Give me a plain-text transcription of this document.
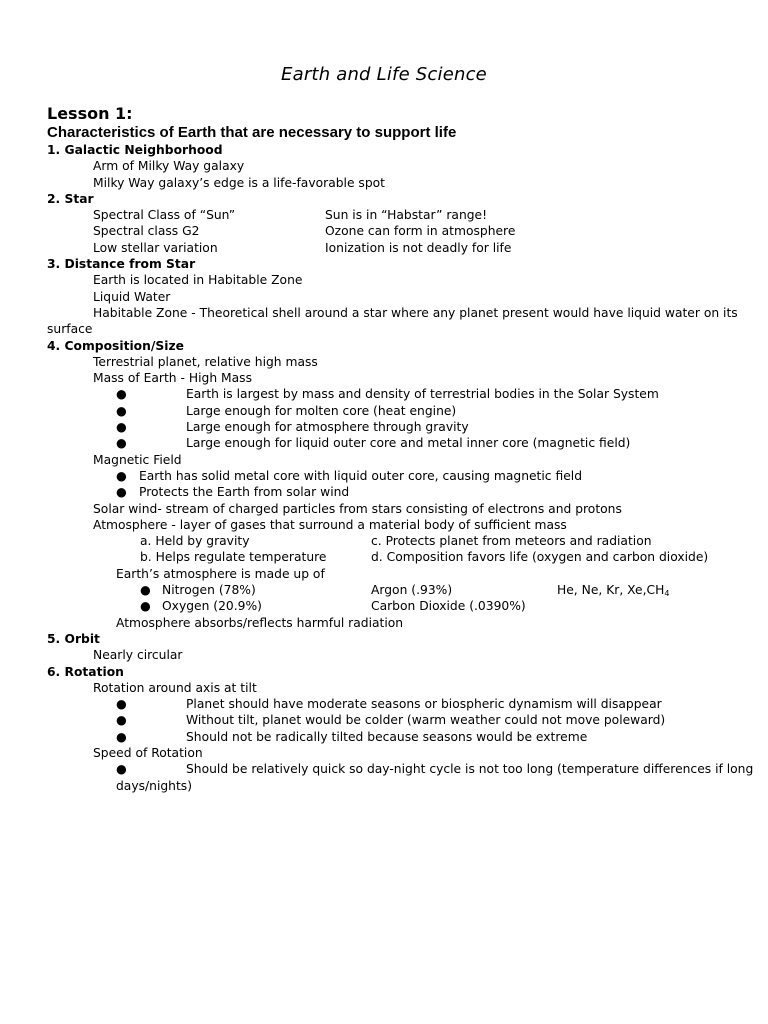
Earth and Life Science
Lesson 1:
Characteristics of Earth that are necessary to support life
1. Galactic Neighborhood
Arm of Milky Way galaxy
Milky Way galaxy’s edge is a life-favorable spot
2. Star
Spectral Class of “Sun”	Sun is in “Habstar” range!
Spectral class G2	Ozone can form in atmosphere
Low stellar variation	Ionization is not deadly for life
3. Distance from Star
Earth is located in Habitable Zone
Liquid Water
Habitable Zone - Theoretical shell around a star where any planet present would have liquid water on its
surface
4. Composition/Size
Terrestrial planet, relative high mass
Mass of Earth - High Mass
●	Earth is largest by mass and density of terrestrial bodies in the Solar System
●	Large enough for molten core (heat engine)
●	Large enough for atmosphere through gravity
●	Large enough for liquid outer core and metal inner core (magnetic field)
Magnetic Field
● Earth has solid metal core with liquid outer core, causing magnetic field
● Protects the Earth from solar wind
Solar wind- stream of charged particles from stars consisting of electrons and protons
Atmosphere - layer of gases that surround a material body of sufficient mass
a. Held by gravity	c. Protects planet from meteors and radiation
b. Helps regulate temperature	d. Composition favors life (oxygen and carbon dioxide)
Earth’s atmosphere is made up of
● Nitrogen (78%)	Argon (.93%)	He, Ne, Kr, $Xe,CH_4$
● Oxygen (20.9%)	Carbon Dioxide (.0390%)
Atmosphere absorbs/reflects harmful radiation
5. Orbit
Nearly circular
6. Rotation
Rotation around axis at tilt
●	Planet should have moderate seasons or biospheric dynamism will disappear
●	Without tilt, planet would be colder (warm weather could not move poleward)
●	Should not be radically tilted because seasons would be extreme
Speed of Rotation
●	Should be relatively quick so day-night cycle is not too long (temperature differences if long
days/nights)
